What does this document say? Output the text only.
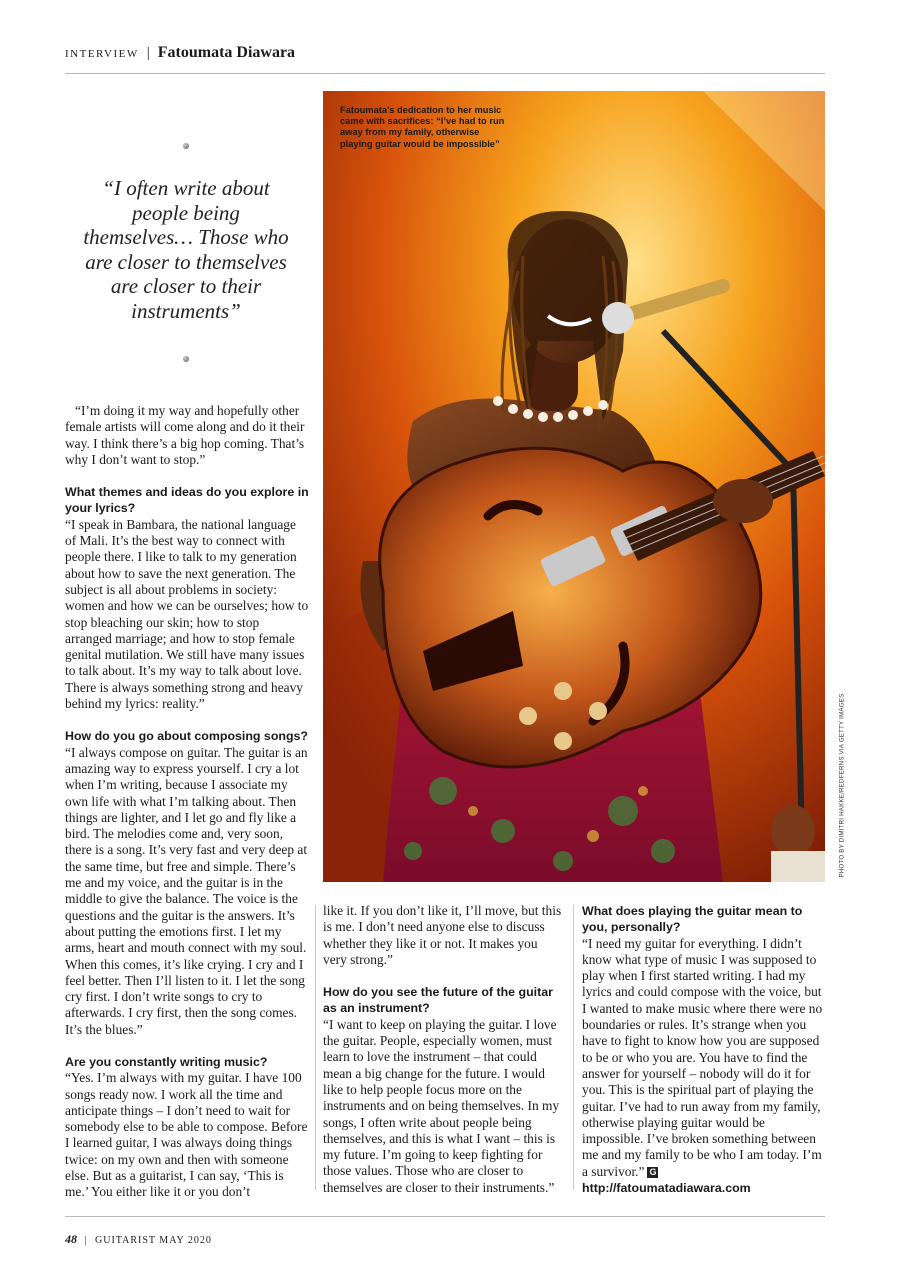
INTERVIEW | Fatoumata Diawara
“I often write about people being themselves… Those who are closer to themselves are closer to their instruments”
Fatoumata’s dedication to her music came with sacrifices: “I’ve had to run away from my family, otherwise playing guitar would be impossible”
PHOTO BY DIMITRI HAKKE/REDFERNS VIA GETTY IMAGES

“I’m doing it my way and hopefully other female artists will come along and do it their way. I think there’s a big hop coming. That’s why I don’t want to stop.”

What themes and ideas do you explore in your lyrics?

“I speak in Bambara, the national language of Mali. It’s the best way to connect with people there. I like to talk to my generation about how to save the next generation. The subject is all about problems in society: women and how we can be ourselves; how to stop bleaching our skin; how to stop arranged marriage; and how to stop female genital mutilation. We still have many issues to talk about. It’s my way to talk about love. There is always something strong and heavy behind my lyrics: reality.”

How do you go about composing songs?

“I always compose on guitar. The guitar is an amazing way to express yourself. I cry a lot when I’m writing, because I associate my own life with what I’m talking about. Then things are lighter, and I let go and fly like a bird. The melodies come and, very soon, there is a song. It’s very fast and very deep at the same time, but free and simple. There’s me and my voice, and the guitar is in the middle to give the balance. The voice is the questions and the guitar is the answers. It’s about putting the emotions first. I let my arms, heart and mouth connect with my soul. When this comes, it’s like crying. I cry and I feel better. Then I’ll listen to it. I let the song cry first. I don’t write songs to cry to afterwards. I cry first, then the song comes. It’s the blues.”

Are you constantly writing music?

“Yes. I’m always with my guitar. I have 100 songs ready now. I work all the time and anticipate things – I don’t need to wait for somebody else to be able to compose. Before I learned guitar, I was always doing things twice: on my own and then with someone else. But as a guitarist, I can say, ‘This is me.’ You either like it or you don’t

like it. If you don’t like it, I’ll move, but this is me. I don’t need anyone else to discuss whether they like it or not. It makes you very strong.”

How do you see the future of the guitar as an instrument?

“I want to keep on playing the guitar. I love the guitar. People, especially women, must learn to love the instrument – that could mean a big change for the future. I would like to help people focus more on the instruments and on being themselves. In my songs, I often write about people being themselves, and this is what I want – this is my future. I’m going to keep fighting for those values. Those who are closer to themselves are closer to their instruments.”

What does playing the guitar mean to you, personally?

“I need my guitar for everything. I didn’t know what type of music I was supposed to play when I first started writing. I had my lyrics and could compose with the voice, but I wanted to make music where there were no boundaries or rules. It’s strange when you have to fight to know how you are supposed to be or who you are. You have to find the answer for yourself – nobody will do it for you. This is the spiritual part of playing the guitar. I’ve had to run away from my family, otherwise playing guitar would be impossible. I’ve broken something between me and my family to be who I am today. I’m a survivor.” G

http://fatoumatadiawara.com

48 | GUITARIST MAY 2020
